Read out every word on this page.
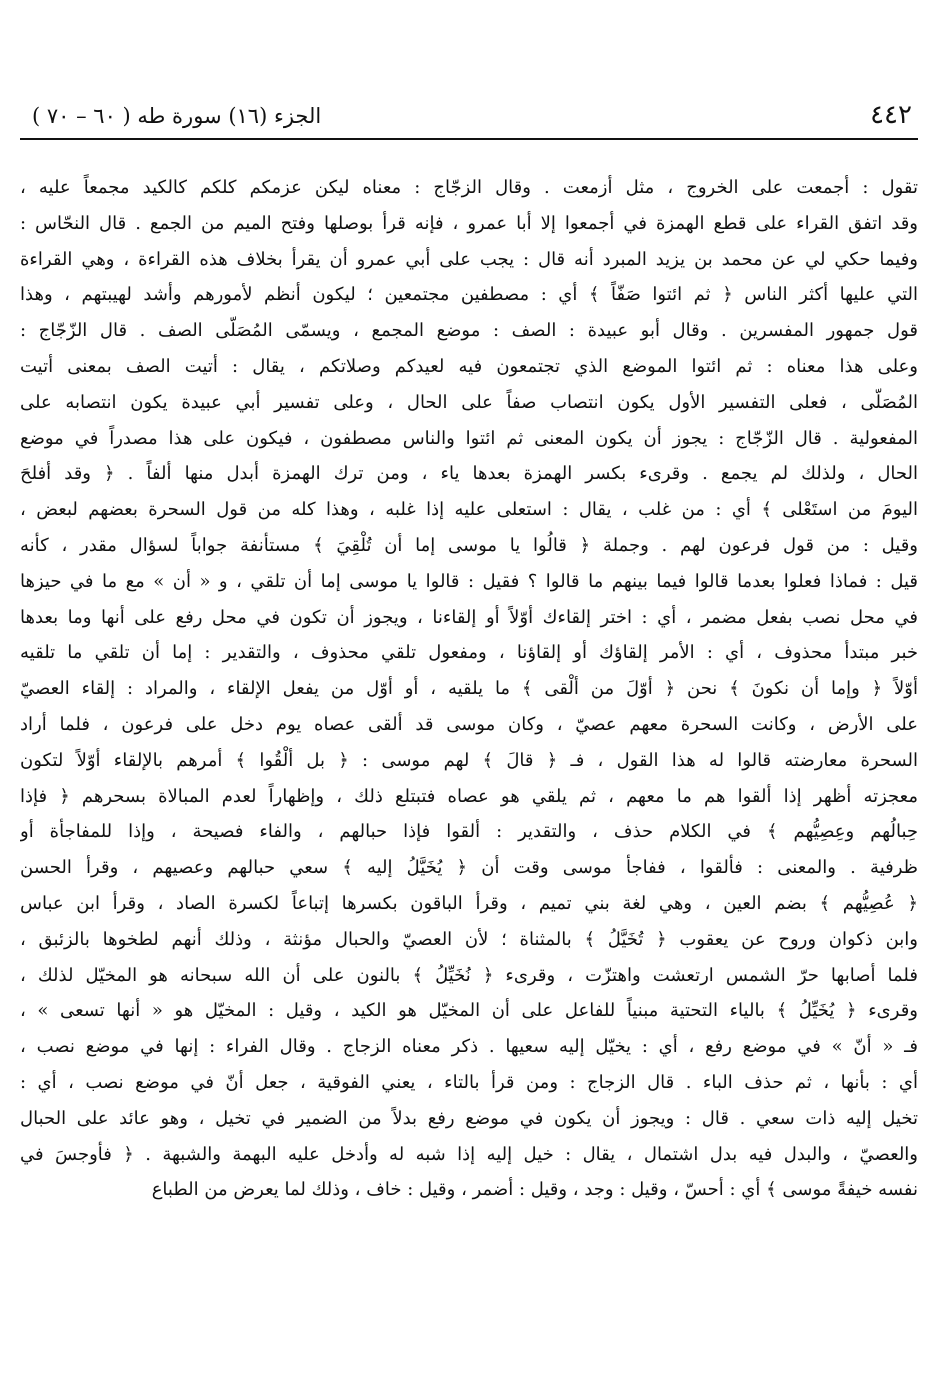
٤٤٢
الجزء (١٦) سورة طه ( ٦٠ – ٧٠ )
تقول : أجمعت على الخروج ، مثل أزمعت . وقال الزجّاج : معناه ليكن عزمكم كلكم كالكيد مجمعاً عليه ،
وقد اتفق القراء على قطع الهمزة في أجمعوا إلا أبا عمرو ، فإنه قرأ بوصلها وفتح الميم من الجمع . قال النحّاس :
وفيما حكي لي عن محمد بن يزيد المبرد أنه قال : يجب على أبي عمرو أن يقرأ بخلاف هذه القراءة ، وهي القراءة
التي عليها أكثر الناس ﴿ ثم ائتوا صَفّاً ﴾ أي : مصطفين مجتمعين ؛ ليكون أنظم لأمورهم وأشد لهيبتهم ، وهذا
قول جمهور المفسرين . وقال أبو عبيدة : الصف : موضع المجمع ، ويسمّى المُصَلّى الصف . قال الزّجّاج :
وعلى هذا معناه : ثم ائتوا الموضع الذي تجتمعون فيه لعيدكم وصلاتكم ، يقال : أتيت الصف بمعنى أتيت
المُصَلّى ، فعلى التفسير الأول يكون انتصاب صفاً على الحال ، وعلى تفسير أبي عبيدة يكون انتصابه على
المفعولية . قال الزّجّاج : يجوز أن يكون المعنى ثم ائتوا والناس مصطفون ، فيكون على هذا مصدراً في موضع
الحال ، ولذلك لم يجمع . وقرىء بكسر الهمزة بعدها ياء ، ومن ترك الهمزة أبدل منها ألفاً . ﴿ وقد أفلحَ
اليومَ من استَعْلى ﴾ أي : من غلب ، يقال : استعلى عليه إذا غلبه ، وهذا كله من قول السحرة بعضهم لبعض ،
وقيل : من قول فرعون لهم . وجملة ﴿ قالُوا يا موسى إما أن تُلْقِيَ ﴾ مستأنفة جواباً لسؤال مقدر ، كأنه
قيل : فماذا فعلوا بعدما قالوا فيما بينهم ما قالوا ؟ فقيل : قالوا يا موسى إما أن تلقي ، و « أن » مع ما في حيزها
في محل نصب بفعل مضمر ، أي : اختر إلقاءك أوّلاً أو إلقاءنا ، ويجوز أن تكون في محل رفع على أنها وما بعدها
خبر مبتدأ محذوف ، أي : الأمر إلقاؤك أو إلقاؤنا ، ومفعول تلقي محذوف ، والتقدير : إما أن تلقي ما تلقيه
أوّلاً ﴿ وإما أن نكونَ ﴾ نحن ﴿ أوّلَ من ألْقى ﴾ ما يلقيه ، أو أوّل من يفعل الإلقاء ، والمراد : إلقاء العصيّ
على الأرض ، وكانت السحرة معهم عصيّ ، وكان موسى قد ألقى عصاه يوم دخل على فرعون ، فلما أراد
السحرة معارضته قالوا له هذا القول ، فـ ﴿ قالَ ﴾ لهم موسى : ﴿ بل ألْقُوا ﴾ أمرهم بالإلقاء أوّلاً لتكون
معجزته أظهر إذا ألقوا هم ما معهم ، ثم يلقي هو عصاه فتبتلع ذلك ، وإظهاراً لعدم المبالاة بسحرهم ﴿ فإذا
حِبالُهم وعِصِيُّهم ﴾ في الكلام حذف ، والتقدير : ألقوا فإذا حبالهم ، والفاء فصيحة ، وإذا للمفاجأة أو
ظرفية . والمعنى : فألقوا ، ففاجأ موسى وقت أن ﴿ يُخَيَّلُ إليه ﴾ سعي حبالهم وعصيهم ، وقرأ الحسن
﴿ عُصِيُّهم ﴾ بضم العين ، وهي لغة بني تميم ، وقرأ الباقون بكسرها إتباعاً لكسرة الصاد ، وقرأ ابن عباس
وابن ذكوان وروح عن يعقوب ﴿ تُخَيَّلُ ﴾ بالمثناة ؛ لأن العصيّ والحبال مؤنثة ، وذلك أنهم لطخوها بالزئبق ،
فلما أصابها حرّ الشمس ارتعشت واهتزّت ، وقرىء ﴿ نُخَيِّلُ ﴾ بالنون على أن الله سبحانه هو المخيّل لذلك ،
وقرىء ﴿ يُخَيِّلُ ﴾ بالياء التحتية مبنياً للفاعل على أن المخيّل هو الكيد ، وقيل : المخيّل هو « أنها تسعى » ،
فـ « أنّ » في موضع رفع ، أي : يخيّل إليه سعيها . ذكر معناه الزجاج . وقال الفراء : إنها في موضع نصب ،
أي : بأنها ، ثم حذف الباء . قال الزجاج : ومن قرأ بالتاء ، يعني الفوقية ، جعل أنّ في موضع نصب ، أي :
تخيل إليه ذات سعي . قال : ويجوز أن يكون في موضع رفع بدلاً من الضمير في تخيل ، وهو عائد على الحبال
والعصيّ ، والبدل فيه بدل اشتمال ، يقال : خيل إليه إذا شبه له وأدخل عليه البهمة والشبهة . ﴿ فأوجسَ في
نفسه خيفةً موسى ﴾ أي : أحسّ ، وقيل : وجد ، وقيل : أضمر ، وقيل : خاف ، وذلك لما يعرض من الطباع
